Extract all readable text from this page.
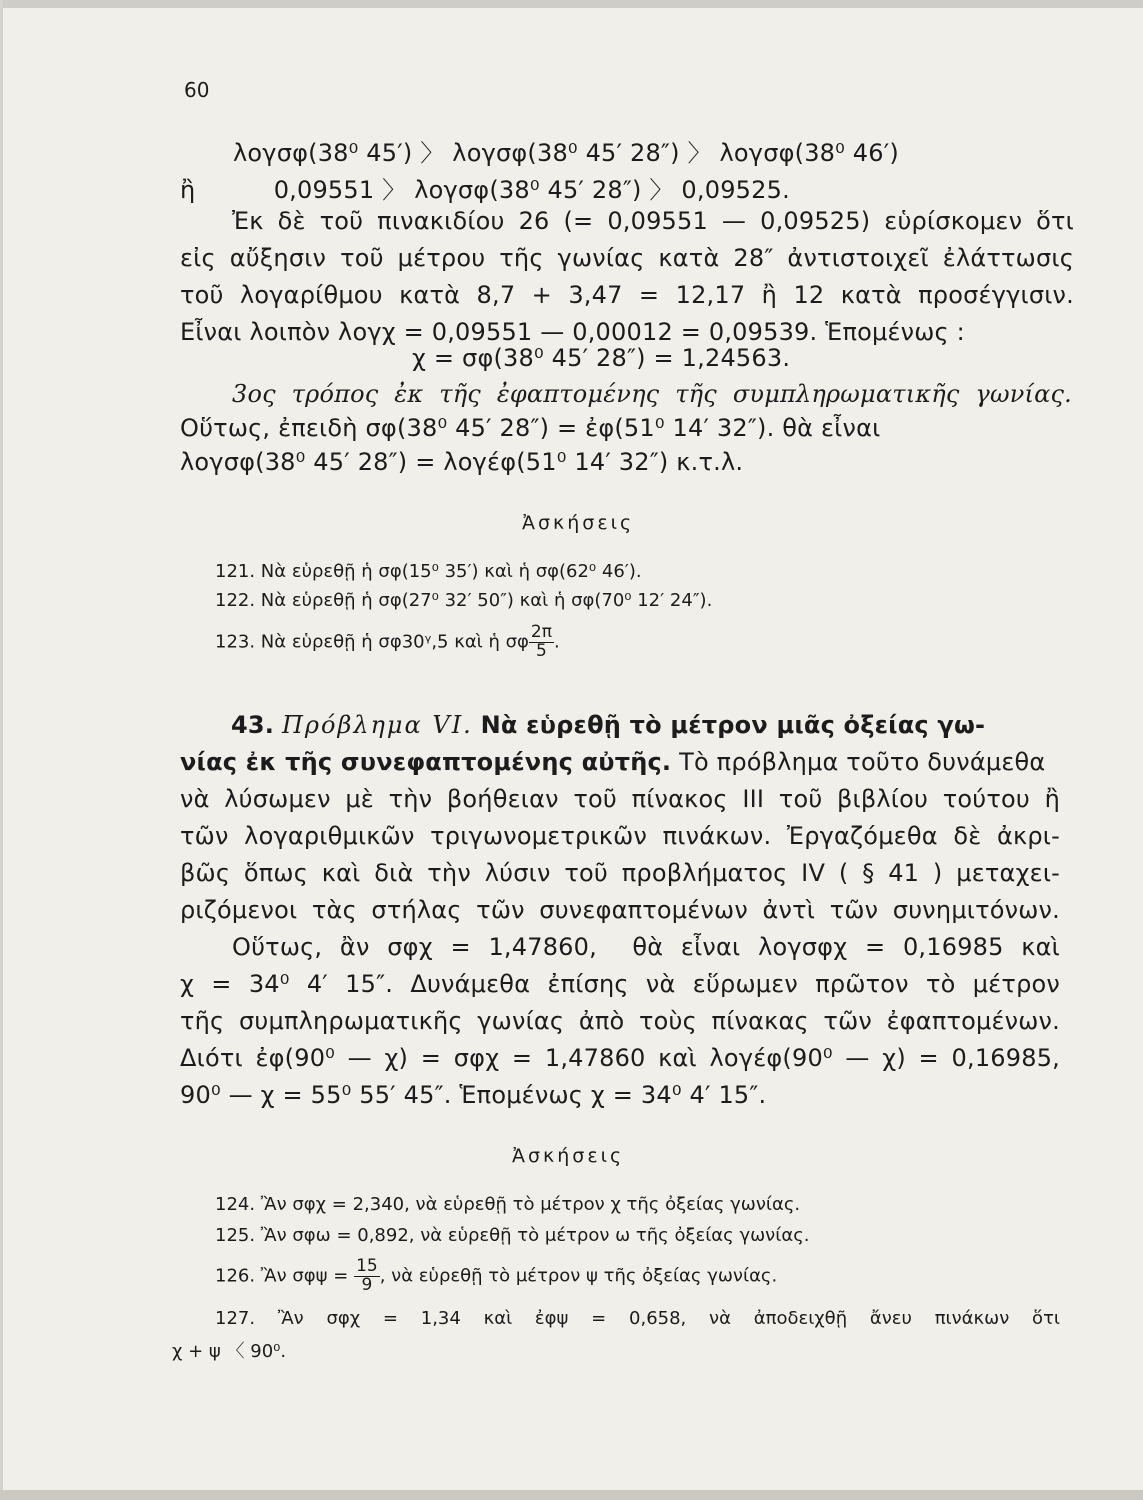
60
λογσφ(38⁰ 45′) 〉 λογσφ(38⁰ 45′ 28″) 〉 λογσφ(38⁰ 46′)
ἢ          0,09551 〉 λογσφ(38⁰ 45′ 28″) 〉 0,09525.
Ἐκ δὲ τοῦ πινακιδίου 26 (= 0,09551 — 0,09525) εὑρίσκομεν ὅτι
εἰς αὔξησιν τοῦ μέτρου τῆς γωνίας κατὰ 28″ ἀντιστοιχεῖ ἐλάττωσις
τοῦ λογαρίθμου κατὰ 8,7 + 3,47 = 12,17 ἢ 12 κατὰ προσέγγισιν.
Εἶναι λοιπὸν λογχ = 0,09551 — 0,00012 = 0,09539. Ἑπομένως :
χ = σφ(38⁰ 45′ 28″) = 1,24563.
3ος τρόπος ἐκ τῆς ἐφαπτομένης τῆς συμπληρωματικῆς γωνίας.
Οὕτως, ἐπειδὴ σφ(38⁰ 45′ 28″) = ἐφ(51⁰ 14′ 32″). θὰ εἶναι
λογσφ(38⁰ 45′ 28″) = λογέφ(51⁰ 14′ 32″) κ.τ.λ.
Ἀσκήσεις
121. Νὰ εὑρεθῇ ἡ σφ(15⁰ 35′) καὶ ἡ σφ(62⁰ 46′).
122. Νὰ εὑρεθῇ ἡ σφ(27⁰ 32′ 50″) καὶ ἡ σφ(70⁰ 12′ 24″).
123. Νὰ εὑρεθῇ ἡ σφ30ᵞ,5 καὶ ἡ σφ $\frac{2\pi}{5}$ .
43. Πρόβλημα VI. Νὰ εὑρεθῇ τὸ μέτρον μιᾶς ὀξείας γω-
νίας ἐκ τῆς συνεφαπτομένης αὐτῆς. Τὸ πρόβλημα τοῦτο δυνάμεθα
νὰ λύσωμεν μὲ τὴν βοήθειαν τοῦ πίνακος ΙΙΙ τοῦ βιβλίου τούτου ἢ
τῶν λογαριθμικῶν τριγωνομετρικῶν πινάκων. Ἐργαζόμεθα δὲ ἀκρι-
βῶς ὅπως καὶ διὰ τὴν λύσιν τοῦ προβλήματος IV ( § 41 ) μεταχει-
ριζόμενοι τὰς στήλας τῶν συνεφαπτομένων ἀντὶ τῶν συνημιτόνων.
Οὕτως, ἂν σφχ = 1,47860,  θὰ εἶναι λογσφχ = 0,16985 καὶ
χ = 34⁰ 4′ 15″. Δυνάμεθα ἐπίσης νὰ εὕρωμεν πρῶτον τὸ μέτρον
τῆς συμπληρωματικῆς γωνίας ἀπὸ τοὺς πίνακας τῶν ἐφαπτομένων.
Διότι ἐφ(90⁰ — χ) = σφχ = 1,47860 καὶ λογέφ(90⁰ — χ) = 0,16985,
90⁰ — χ = 55⁰ 55′ 45″. Ἑπομένως χ = 34⁰ 4′ 15″.
Ἀσκήσεις
124. Ἂν σφχ = 2,340, νὰ εὑρεθῇ τὸ μέτρον χ τῆς ὀξείας γωνίας.
125. Ἂν σφω = 0,892, νὰ εὑρεθῇ τὸ μέτρον ω τῆς ὀξείας γωνίας.
126. Ἂν $\sigma\varphi\psi = \frac{15}{9}$ , νὰ εὑρεθῇ τὸ μέτρον ψ τῆς ὀξείας γωνίας.
127. Ἂν σφχ = 1,34 καὶ ἐφψ = 0,658, νὰ ἀποδειχθῇ ἄνευ πινάκων ὅτι
χ + ψ 〈 90⁰.
